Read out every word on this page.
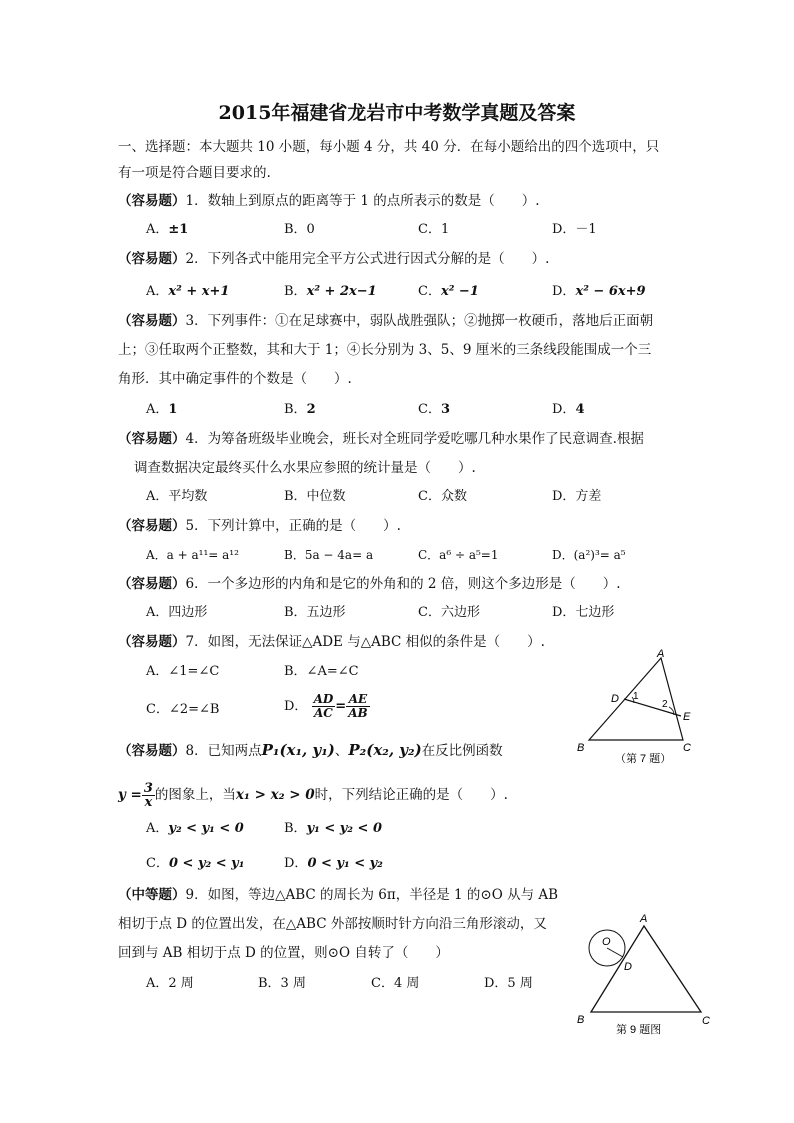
2015年福建省龙岩市中考数学真题及答案
一、选择题：本大题共 10 小题，每小题 4 分，共 40 分．在每小题给出的四个选项中，只
有一项是符合题目要求的.
（容易题）1．数轴上到原点的距离等于 1 的点所表示的数是（　　）.
A．±1	B．0	C．1	D．－1
（容易题）2．下列各式中能用完全平方公式进行因式分解的是（　　）.
A．x² + x+1	B．x² + 2x−1	C．x² −1	D．x² − 6x+9
（容易题）3．下列事件：①在足球赛中，弱队战胜强队；②抛掷一枚硬币，落地后正面朝
上；③任取两个正整数，其和大于 1；④长分别为 3、5、9 厘米的三条线段能围成一个三
角形．其中确定事件的个数是（　　）.
A．1	B．2	C．3	D．4
（容易题）4．为筹备班级毕业晚会，班长对全班同学爱吃哪几种水果作了民意调查.根据
调查数据决定最终买什么水果应参照的统计量是（　　）.
A．平均数	B．中位数	C．众数	D．方差
（容易题）5．下列计算中，正确的是（　　）.
A．a + a¹¹= a¹²	B．5a − 4a= a	C．a⁶ ÷ a⁵=1	D．(a²)³= a⁵
（容易题）6．一个多边形的内角和是它的外角和的 2 倍，则这个多边形是（　　）.
A．四边形	B．五边形	C．六边形	D．七边形
（容易题）7．如图，无法保证△ADE 与△ABC 相似的条件是（　　）.
A．∠1=∠C	B．∠A=∠C
C．∠2=∠B	D． $\frac{AD}{AC} = \frac{AE}{AB}$
A
D 1
2
E
B	C
（第 7 题）
（容易题）8．已知两点P₁(x₁, y₁)、P₂(x₂, y₂)在反比例函数
$y = \frac{3}{x}$ 的图象上，当x₁ > x₂ > 0时，下列结论正确的是（　　）.
A．y₂ < y₁ < 0	B．y₁ < y₂ < 0
C．0 < y₂ < y₁	D．0 < y₁ < y₂
（中等题）9．如图，等边△ABC 的周长为 6π，半径是 1 的⊙O 从与 AB
相切于点 D 的位置出发，在△ABC 外部按顺时针方向沿三角形滚动，又
回到与 AB 相切于点 D 的位置，则⊙O 自转了（　　）
A．2 周	B．3 周	C．4 周	D．5 周
A
O
D
B	C
第 9 题图
